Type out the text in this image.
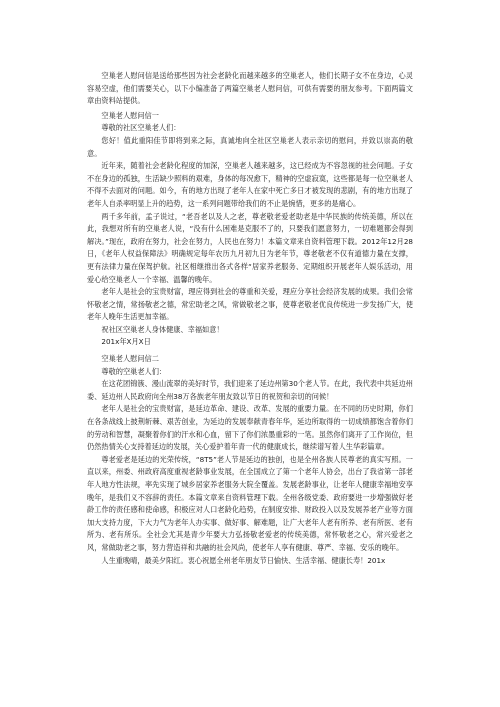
空巢老人慰问信是送给那些因为社会老龄化而越来越多的空巢老人，他们长期子女不在身边，心灵容易空虚，他们需要关心，以下小编准备了两篇空巢老人慰问信，可供有需要的朋友参考。下面两篇文章由资料站提供。

空巢老人慰问信一

尊敬的社区空巢老人们：

您好！值此重阳佳节即将到来之际，真诚地向全社区空巢老人表示亲切的慰问，并致以崇高的敬意。

近年来，随着社会老龄化程度的加深，空巢老人越来越多，这已经成为不容忽视的社会问题。子女不在身边的孤独，生活缺少照料的艰难，身体的每况愈下，精神的空虚寂寞，这些都是每一位空巢老人不得不去面对的问题。如今，有的地方出现了老年人在家中死亡多日才被发现的悲剧，有的地方出现了老年人自杀率明显上升的趋势，这一系列问题带给我们的不止是惋惜，更多的是痛心。

两千多年前，孟子说过，“老吾老以及人之老，尊老敬老爱老助老是中华民族的传统美德，所以在此，我想对所有的空巢老人说，“没有什么困难是克服不了的，只要我们愿意努力，一切难题都会得到解决。”现在，政府在努力，社会在努力，人民也在努力！本篇文章来自资料管理下载。2012年12月28日，《老年人权益保障法》明确规定每年农历九月初九日为老年节，尊老敬老不仅有道德力量在支撑，更有法律力量在保驾护航。社区相继推出各式各样“居家养老服务、定期组织开展老年人娱乐活动，用爱心给空巢老人一个幸福、温馨的晚年。

老年人是社会的宝贵财富，理应得到社会的尊重和关爱，理应分享社会经济发展的成果。我们会常怀敬老之情，常扬敬老之德，常宏助老之风，常做敬老之事，使尊老敬老优良传统进一步发扬广大，使老年人晚年生活更加幸福。

祝社区空巢老人身体健康、幸福如意！

201x年X月X日

空巢老人慰问信二

尊敬的空巢老人们：

在这花团锦簇、漫山流翠的美好时节，我们迎来了延边州第30个老人节。在此，我代表中共延边州委、延边州人民政府向全州38万各族老年朋友致以节日的祝贺和亲切的问候！

老年人是社会的宝贵财富，是延边革命、建设、改革、发展的重要力量。在不同的历史时期，你们在各条战线上披荆斩棘、艰苦创业，为延边的发展奉献青春年华，延边所取得的一切成绩都饱含着你们的劳动和智慧，凝聚着你们的汗水和心血，留下了你们浓墨重彩的一笔。虽然你们离开了工作岗位，但仍然热情关心支持着延边的发展，关心爱护着年青一代的健康成长，继续谱写着人生华彩篇章。

尊老爱老是延边的光荣传统，“8T5”老人节是延边的独创，也是全州各族人民尊老的真实写照。一直以来，州委、州政府高度重视老龄事业发展，在全国成立了第一个老年人协会，出台了我省第一部老年人地方性法规，率先实现了城乡居家养老服务大院全覆盖。发展老龄事业，让老年人健康幸福地安享晚年，是我们义不容辞的责任。本篇文章来自资料管理下载。全州各级党委、政府要进一步增强做好老龄工作的责任感和使命感，积极应对人口老龄化趋势，在制度安排、财政投入以及发展养老产业等方面加大支持力度，下大力气为老年人办实事、做好事、解难题，让广大老年人老有所养、老有所医、老有所为、老有所乐。全社会尤其是青少年要大力弘扬敬老爱老的传统美德，常怀敬老之心，常兴爱老之风，常做助老之事，努力营造祥和共融的社会风尚，使老年人享有健康、尊严、幸福、安乐的晚年。

人生重晚晴，最美夕阳红。衷心祝愿全州老年朋友节日愉快、生活幸福、健康长寿！201x
